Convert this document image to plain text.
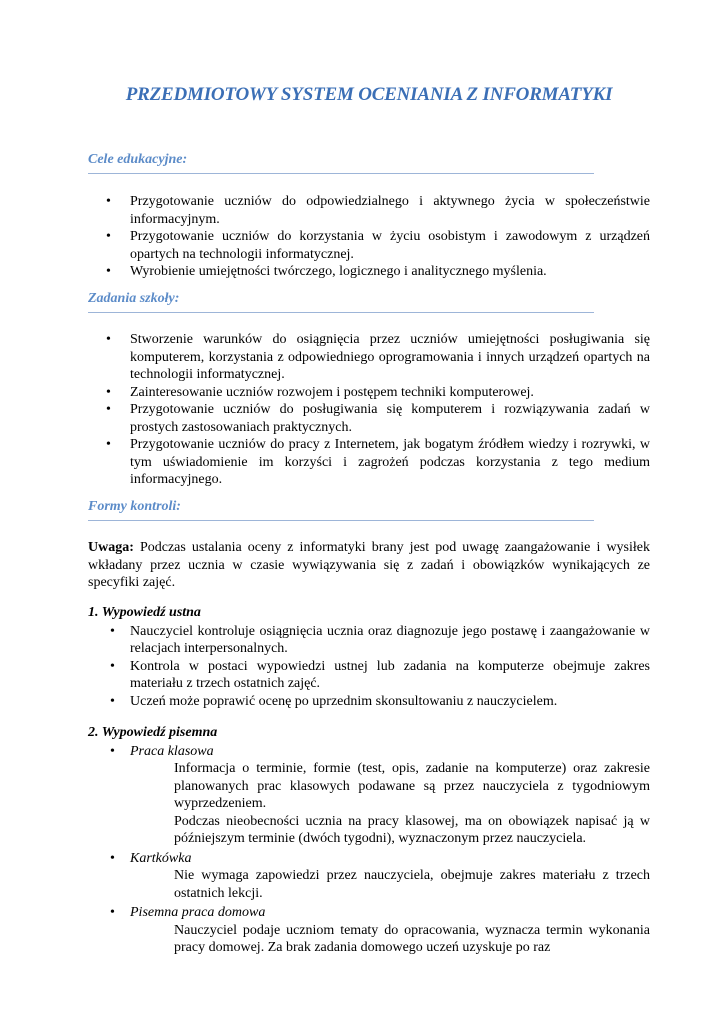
PRZEDMIOTOWY SYSTEM OCENIANIA Z INFORMATYKI
Cele edukacyjne:
• Przygotowanie uczniów do odpowiedzialnego i aktywnego życia w społeczeństwie informacyjnym.
• Przygotowanie uczniów do korzystania w życiu osobistym i zawodowym z urządzeń opartych na technologii informatycznej.
• Wyrobienie umiejętności twórczego, logicznego i analitycznego myślenia.
Zadania szkoły:
• Stworzenie warunków do osiągnięcia przez uczniów umiejętności posługiwania się komputerem, korzystania z odpowiedniego oprogramowania i innych urządzeń opartych na technologii informatycznej.
• Zainteresowanie uczniów rozwojem i postępem techniki komputerowej.
• Przygotowanie uczniów do posługiwania się komputerem i rozwiązywania zadań w prostych zastosowaniach praktycznych.
• Przygotowanie uczniów do pracy z Internetem, jak bogatym źródłem wiedzy i rozrywki, w tym uświadomienie im korzyści i zagrożeń podczas korzystania z tego medium informacyjnego.
Formy kontroli:

Uwaga: Podczas ustalania oceny z informatyki brany jest pod uwagę zaangażowanie i wysiłek wkładany przez ucznia w czasie wywiązywania się z zadań i obowiązków wynikających ze specyfiki zajęć.

1. Wypowiedź ustna
• Nauczyciel kontroluje osiągnięcia ucznia oraz diagnozuje jego postawę i zaangażowanie w relacjach interpersonalnych.
• Kontrola w postaci wypowiedzi ustnej lub zadania na komputerze obejmuje zakres materiału z trzech ostatnich zajęć.
• Uczeń może poprawić ocenę po uprzednim skonsultowaniu z nauczycielem.
2. Wypowiedź pisemna
• Praca klasowa

Informacja o terminie, formie (test, opis, zadanie na komputerze) oraz zakresie planowanych prac klasowych podawane są przez nauczyciela z tygodniowym wyprzedzeniem.

Podczas nieobecności ucznia na pracy klasowej, ma on obowiązek napisać ją w późniejszym terminie (dwóch tygodni), wyznaczonym przez nauczyciela.

• Kartkówka

Nie wymaga zapowiedzi przez nauczyciela, obejmuje zakres materiału z trzech ostatnich lekcji.

• Pisemna praca domowa

Nauczyciel podaje uczniom tematy do opracowania, wyznacza termin wykonania pracy domowej. Za brak zadania domowego uczeń uzyskuje po raz
